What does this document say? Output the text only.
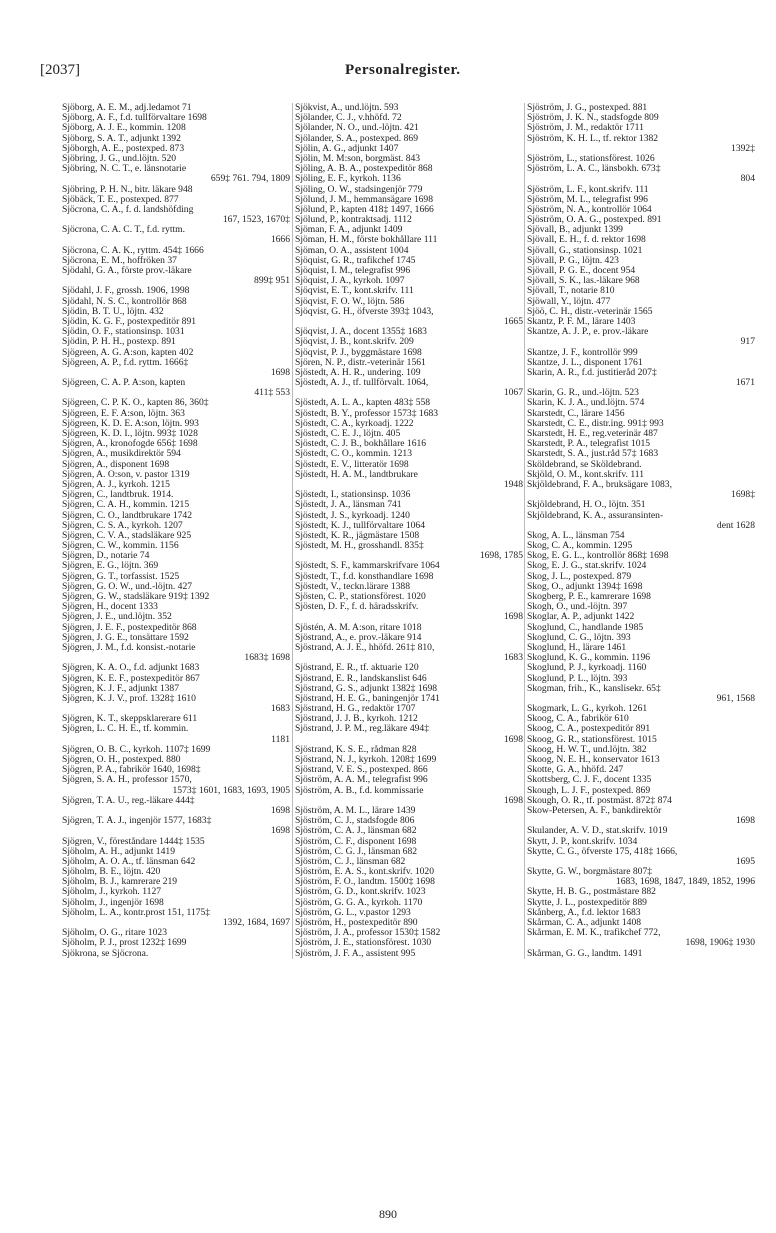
[2037]	Personalregister.
Sjöborg, A. E. M., adj.ledamot 71
Sjöborg, A. F., f.d. tullförvaltare 1698
Sjöborg, A. J. E., kommin. 1208
Sjöborg, S. A. T., adjunkt 1392
Sjöborgh, A. E., postexped. 873
Sjöbring, J. G., und.löjtn. 520
Sjöbring, N. C. T., e. länsnotarie
659‡ 761. 794, 1809
Sjöbring, P. H. N., bitr. läkare 948
Sjöbäck, T. E., postexped. 877
Sjöcrona, C. A., f. d. landshöfding
167, 1523, 1670‡
Sjöcrona, C. A. C. T., f.d. ryttm.
1666
Sjöcrona, C. A. K., ryttm. 454‡ 1666
Sjöcrona, E. M., hoffröken 37
Sjödahl, G. A., förste prov.-läkare
899‡ 951
Sjödahl, J. F., grossh. 1906, 1998
Sjödahl, N. S. C., kontrollör 868
Sjödin, B. T. U., löjtn. 432
Sjödin, K. G. F., postexpeditör 891
Sjödin, O. F., stationsinsp. 1031
Sjödin, P. H. H., postexp. 891
Sjögreen, A. G. A:son, kapten 402
Sjögreen, A. P., f.d. ryttm. 1666‡
1698
Sjögreen, C. A. P. A:son, kapten
411‡ 553
Sjögreen, C. P. K. O., kapten 86, 360‡
Sjögreen, E. F. A:son, löjtn. 363
Sjögreen, K. D. E. A:son, löjtn. 993
Sjögreen, K. D. I., löjtn. 993‡ 1028
Sjögren, A., kronofogde 656‡ 1698
Sjögren, A., musikdirektör 594
Sjögren, A., disponent 1698
Sjögren, A. O:son, v. pastor 1319
Sjögren, A. J., kyrkoh. 1215
Sjögren, C., landtbruk. 1914.
Sjögren, C. A. H., kommin. 1215
Sjögren, C. O., landtbrukare 1742
Sjögren, C. S. A., kyrkoh. 1207
Sjögren, C. V. A., stadsläkare 925
Sjögren, C. W., kommin. 1156
Sjögren, D., notarie 74
Sjögren, E. G., löjtn. 369
Sjögren, G. T., torfassist. 1525
Sjögren, G. O. W., und.-löjtn. 427
Sjögren, G. W., stadsläkare 919‡ 1392
Sjögren, H., docent 1333
Sjögren, J. E., und.löjtn. 352
Sjögren, J. E. F., postexpeditör 868
Sjögren, J. G. E., tonsättare 1592
Sjögren, J. M., f.d. konsist.-notarie
1683‡ 1698
Sjögren, K. A. O., f.d. adjunkt 1683
Sjögren, K. E. F., postexpeditör 867
Sjögren, K. J. F., adjunkt 1387
Sjögren, K. J. V., prof. 1328‡ 1610
1683
Sjögren, K. T., skeppsklarerare 611
Sjögren, L. C. H. E., tf. kommin.
1181
Sjögren, O. B. C., kyrkoh. 1107‡ 1699
Sjögren, O. H., postexped. 880
Sjögren, P. A., fabrikör 1640, 1698‡
Sjögren, S. A. H., professor 1570,
1573‡ 1601, 1683, 1693, 1905
Sjögren, T. A. U., reg.-läkare 444‡
1698
Sjögren, T. Å. J., ingenjör 1577, 1683‡
1698
Sjögren, V., föreståndare 1444‡ 1535
Sjöholm, A. H., adjunkt 1419
Sjöholm, A. O. A., tf. länsman 642
Sjöholm, B. E., löjtn. 420
Sjöholm, B. J., kamrerare 219
Sjöholm, J., kyrkoh. 1127
Sjöholm, J., ingenjör 1698
Sjöholm, L. A., kontr.prost 151, 1175‡
1392, 1684, 1697
Sjöholm, O. G., ritare 1023
Sjöholm, P. J., prost 1232‡ 1699
Sjökrona, se Sjöcrona.
Sjökvist, A., und.löjtn. 593
Sjölander, C. J., v.hhöfd. 72
Sjölander, N. O., und.-löjtn. 421
Sjölander, S. A., postexped. 869
Sjölin, A. G., adjunkt 1407
Sjölin, M. M:son, borgmäst. 843
Sjöling, A. B. A., postexpeditör 868
Sjöling, E. F., kyrkoh. 1136
Sjöling, O. W., stadsingenjör 779
Sjölund, J. M., hemmansägare 1698
Sjölund, P., kapten 418‡ 1497, 1666
Sjölund, P., kontraktsadj. 1112
Sjöman, F. A., adjunkt 1409
Sjöman, H. M., förste bokhållare 111
Sjöman, O. A., assistent 1004
Sjöquist, G. R., trafikchef 1745
Sjöquist, I. M., telegrafist 996
Sjöquist, J. A., kyrkoh. 1097
Sjöqvist, E. T., kont.skrifv. 111
Sjöqvist, F. O. W., löjtn. 586
Sjöqvist, G. H., öfverste 393‡ 1043,
1665
Sjöqvist, J. A., docent 1355‡ 1683
Sjöqvist, J. B., kont.skrifv. 209
Sjöqvist, P. J., byggmästare 1698
Sjören, N. P., distr.-veterinär 1561
Sjöstedt, A. H. R., undering. 109
Sjöstedt, A. J., tf. tullförvalt. 1064,
1067
Sjöstedt, A. L. A., kapten 483‡ 558
Sjöstedt, B. Y., professor 1573‡ 1683
Sjöstedt, C. A., kyrkoadj. 1222
Sjöstedt, C. E. J., löjtn. 405
Sjöstedt, C. J. B., bokhållare 1616
Sjöstedt, C. O., kommin. 1213
Sjöstedt, E. V., litteratör 1698
Sjöstedt, H. A. M., landtbrukare
1948
Sjöstedt, I., stationsinsp. 1036
Sjöstedt, J. A., länsman 741
Sjöstedt, J. S., kyrkoadj. 1240
Sjöstedt, K. J., tullförvaltare 1064
Sjöstedt, K. R., jägmästare 1508
Sjöstedt, M. H., grosshandl. 835‡
1698, 1785
Sjöstedt, S. F., kammarskrifvare 1064
Sjöstedt, T., f.d. konsthandlare 1698
Sjöstedt, V., teckn.lärare 1388
Sjösten, C. P., stationsförest. 1020
Sjösten, D. F., f. d. häradsskrifv.
1698
Sjöstén, A. M. A:son, ritare 1018
Sjöstrand, A., e. prov.-läkare 914
Sjöstrand, A. J. E., hhöfd. 261‡ 810,
1683
Sjöstrand, E. R., tf. aktuarie 120
Sjöstrand, E. R., landskanslist 646
Sjöstrand, G. S., adjunkt 1382‡ 1698
Sjöstrand, H. E. G., baningenjör 1741
Sjöstrand, H. G., redaktör 1707
Sjöstrand, J. J. B., kyrkoh. 1212
Sjöstrand, J. P. M., reg.läkare 494‡
1698
Sjöstrand, K. S. E., rådman 828
Sjöstrand, N. J., kyrkoh. 1208‡ 1699
Sjöstrand, V. E. S., postexped. 866
Sjöström, A. A. M., telegrafist 996
Sjöström, A. B., f.d. kommissarie
1698
Sjöström, A. M. L., lärare 1439
Sjöström, C. J., stadsfogde 806
Sjöström, C. A. J., länsman 682
Sjöström, C. F., disponent 1698
Sjöström, C. G. J., länsman 682
Sjöström, C. J., länsman 682
Sjöström, E. A. S., kont.skrifv. 1020
Sjöström, F. O., landtm. 1500‡ 1698
Sjöström, G. D., kont.skrifv. 1023
Sjöström, G. G. A., kyrkoh. 1170
Sjöström, G. L., v.pastor 1293
Sjöström, H., postexpeditör 890
Sjöström, J. A., professor 1530‡ 1582
Sjöström, J. E., stationsförest. 1030
Sjöström, J. F. A., assistent 995
Sjöström, J. G., postexped. 881
Sjöström, J. K. N., stadsfogde 809
Sjöström, J. M., redaktör 1711
Sjöström, K. H. L., tf. rektor 1382
1392‡
Sjöström, L., stationsförest. 1026
Sjöström, L. A. C., länsbokh. 673‡
804
Sjöström, L. F., kont.skrifv. 111
Sjöström, M. L., telegrafist 996
Sjöström, N. A., kontrollör 1064
Sjöström, O. A. G., postexped. 891
Sjövall, B., adjunkt 1399
Sjövall, E. H., f. d. rektor 1698
Sjövall, G., stationsinsp. 1021
Sjövall, P. G., löjtn. 423
Sjövall, P. G. E., docent 954
Sjövall, S. K., las.-läkare 968
Sjövall, T., notarie 810
Sjöwall, Y., löjtn. 477
Sjöö, C. H., distr.-veterinär 1565
Skantz, P. F. M., lärare 1403
Skantze, A. J. P., e. prov.-läkare
917
Skantze, J. F., kontrollör 999
Skantze, J. L., disponent 1761
Skarin, A. R., f.d. justitieråd 207‡
1671
Skarin, G. R., und.-löjtn. 523
Skarin, K. J. A., und.löjtn. 574
Skarstedt, C., lärare 1456
Skarstedt, C. E., distr.ing. 991‡ 993
Skarstedt, H. E., reg.veterinär 487
Skarstedt, P. A., telegrafist 1015
Skarstedt, S. A., just.råd 57‡ 1683
Sköldebrand, se Sköldebrand.
Skjöld, O. M., kont.skrifv. 111
Skjöldebrand, F. A., bruksägare 1083,
1698‡
Skjöldebrand, H. O., löjtn. 351
Skjöldebrand, K. A., assuransinten-
dent 1628
Skog, A. L., länsman 754
Skog, C. A., kommin. 1295
Skog, E. G. L., kontrollör 868‡ 1698
Skog, E. J. G., stat.skrifv. 1024
Skog, J. L., postexped. 879
Skog, O., adjunkt 1394‡ 1698
Skogberg, P. E., kamrerare 1698
Skogh, O., und.-löjtn. 397
Skoglar, A. P., adjunkt 1422
Skoglund, C., handlande 1985
Skoglund, C. G., löjtn. 393
Skoglund, H., lärare 1461
Skoglund, K. G., kommin. 1196
Skoglund, P. J., kyrkoadj. 1160
Skoglund, P. L., löjtn. 393
Skogman, frih., K., kanslisekr. 65‡
961, 1568
Skogmark, L. G., kyrkoh. 1261
Skoog, C. A., fabrikör 610
Skoog, C. A., postexpeditör 891
Skoog, G. R., stationsförest. 1015
Skoog, H. W. T., und.löjtn. 382
Skoog, N. E. H., konservator 1613
Skotte, G. A., hhöfd. 247
Skottsberg, C. J. F., docent 1335
Skough, L. J. F., postexped. 869
Skough, O. R., tf. postmäst. 872‡ 874
Skow-Petersen, A. F., bankdirektör
1698
Skulander, A. V. D., stat.skrifv. 1019
Skytt, J. P., kont.skrifv. 1034
Skytte, C. G., öfverste 175, 418‡ 1666,
1695
Skytte, G. W., borgmästare 807‡
1683, 1698, 1847, 1849, 1852, 1996
Skytte, H. B. G., postmästare 882
Skytte, J. L., postexpeditör 889
Skånberg, A., f.d. lektor 1683
Skårman, C. A., adjunkt 1408
Skårman, E. M. K., trafikchef 772,
1698, 1906‡ 1930
Skårman, G. G., landtm. 1491
890
